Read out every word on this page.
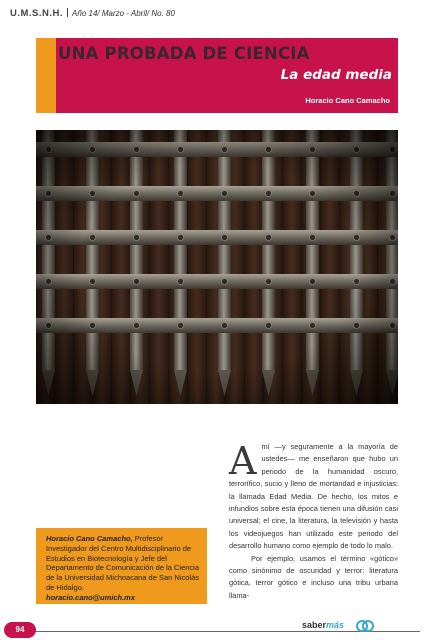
U.M.S.N.H. Año 14/ Marzo - Abril/ No. 80
UNA PROBADA DE CIENCIA
La edad media
Horacio Cano Camacho

Horacio Cano Camacho, Profesor Investigador del Centro Multidisciplinario de Estudios en Biotecnología y Jefe del Departamento de Comunicación de la Ciencia de la Universidad Michoacana de San Nicolás de Hidalgo.

horacio.cano@umich.mx

Amí —y seguramente a la mayoría de ustedes— me enseñaron que hubo un periodo de la humanidad oscuro, terrorífico, sucio y lleno de mortandad e injusticias: la llamada Edad Media. De hecho, los mitos e infundios sobre esta época tienen una difusión casi universal; el cine, la literatura, la televisión y hasta los videojuegos han utilizado este periodo del desarrollo humano como ejemplo de todo lo malo.

Por ejemplo, usamos el término «gótico» como sinónimo de oscuridad y terror: literatura gótica, terror gótico e incluso una tribu urbana llama-

94	sabermás
